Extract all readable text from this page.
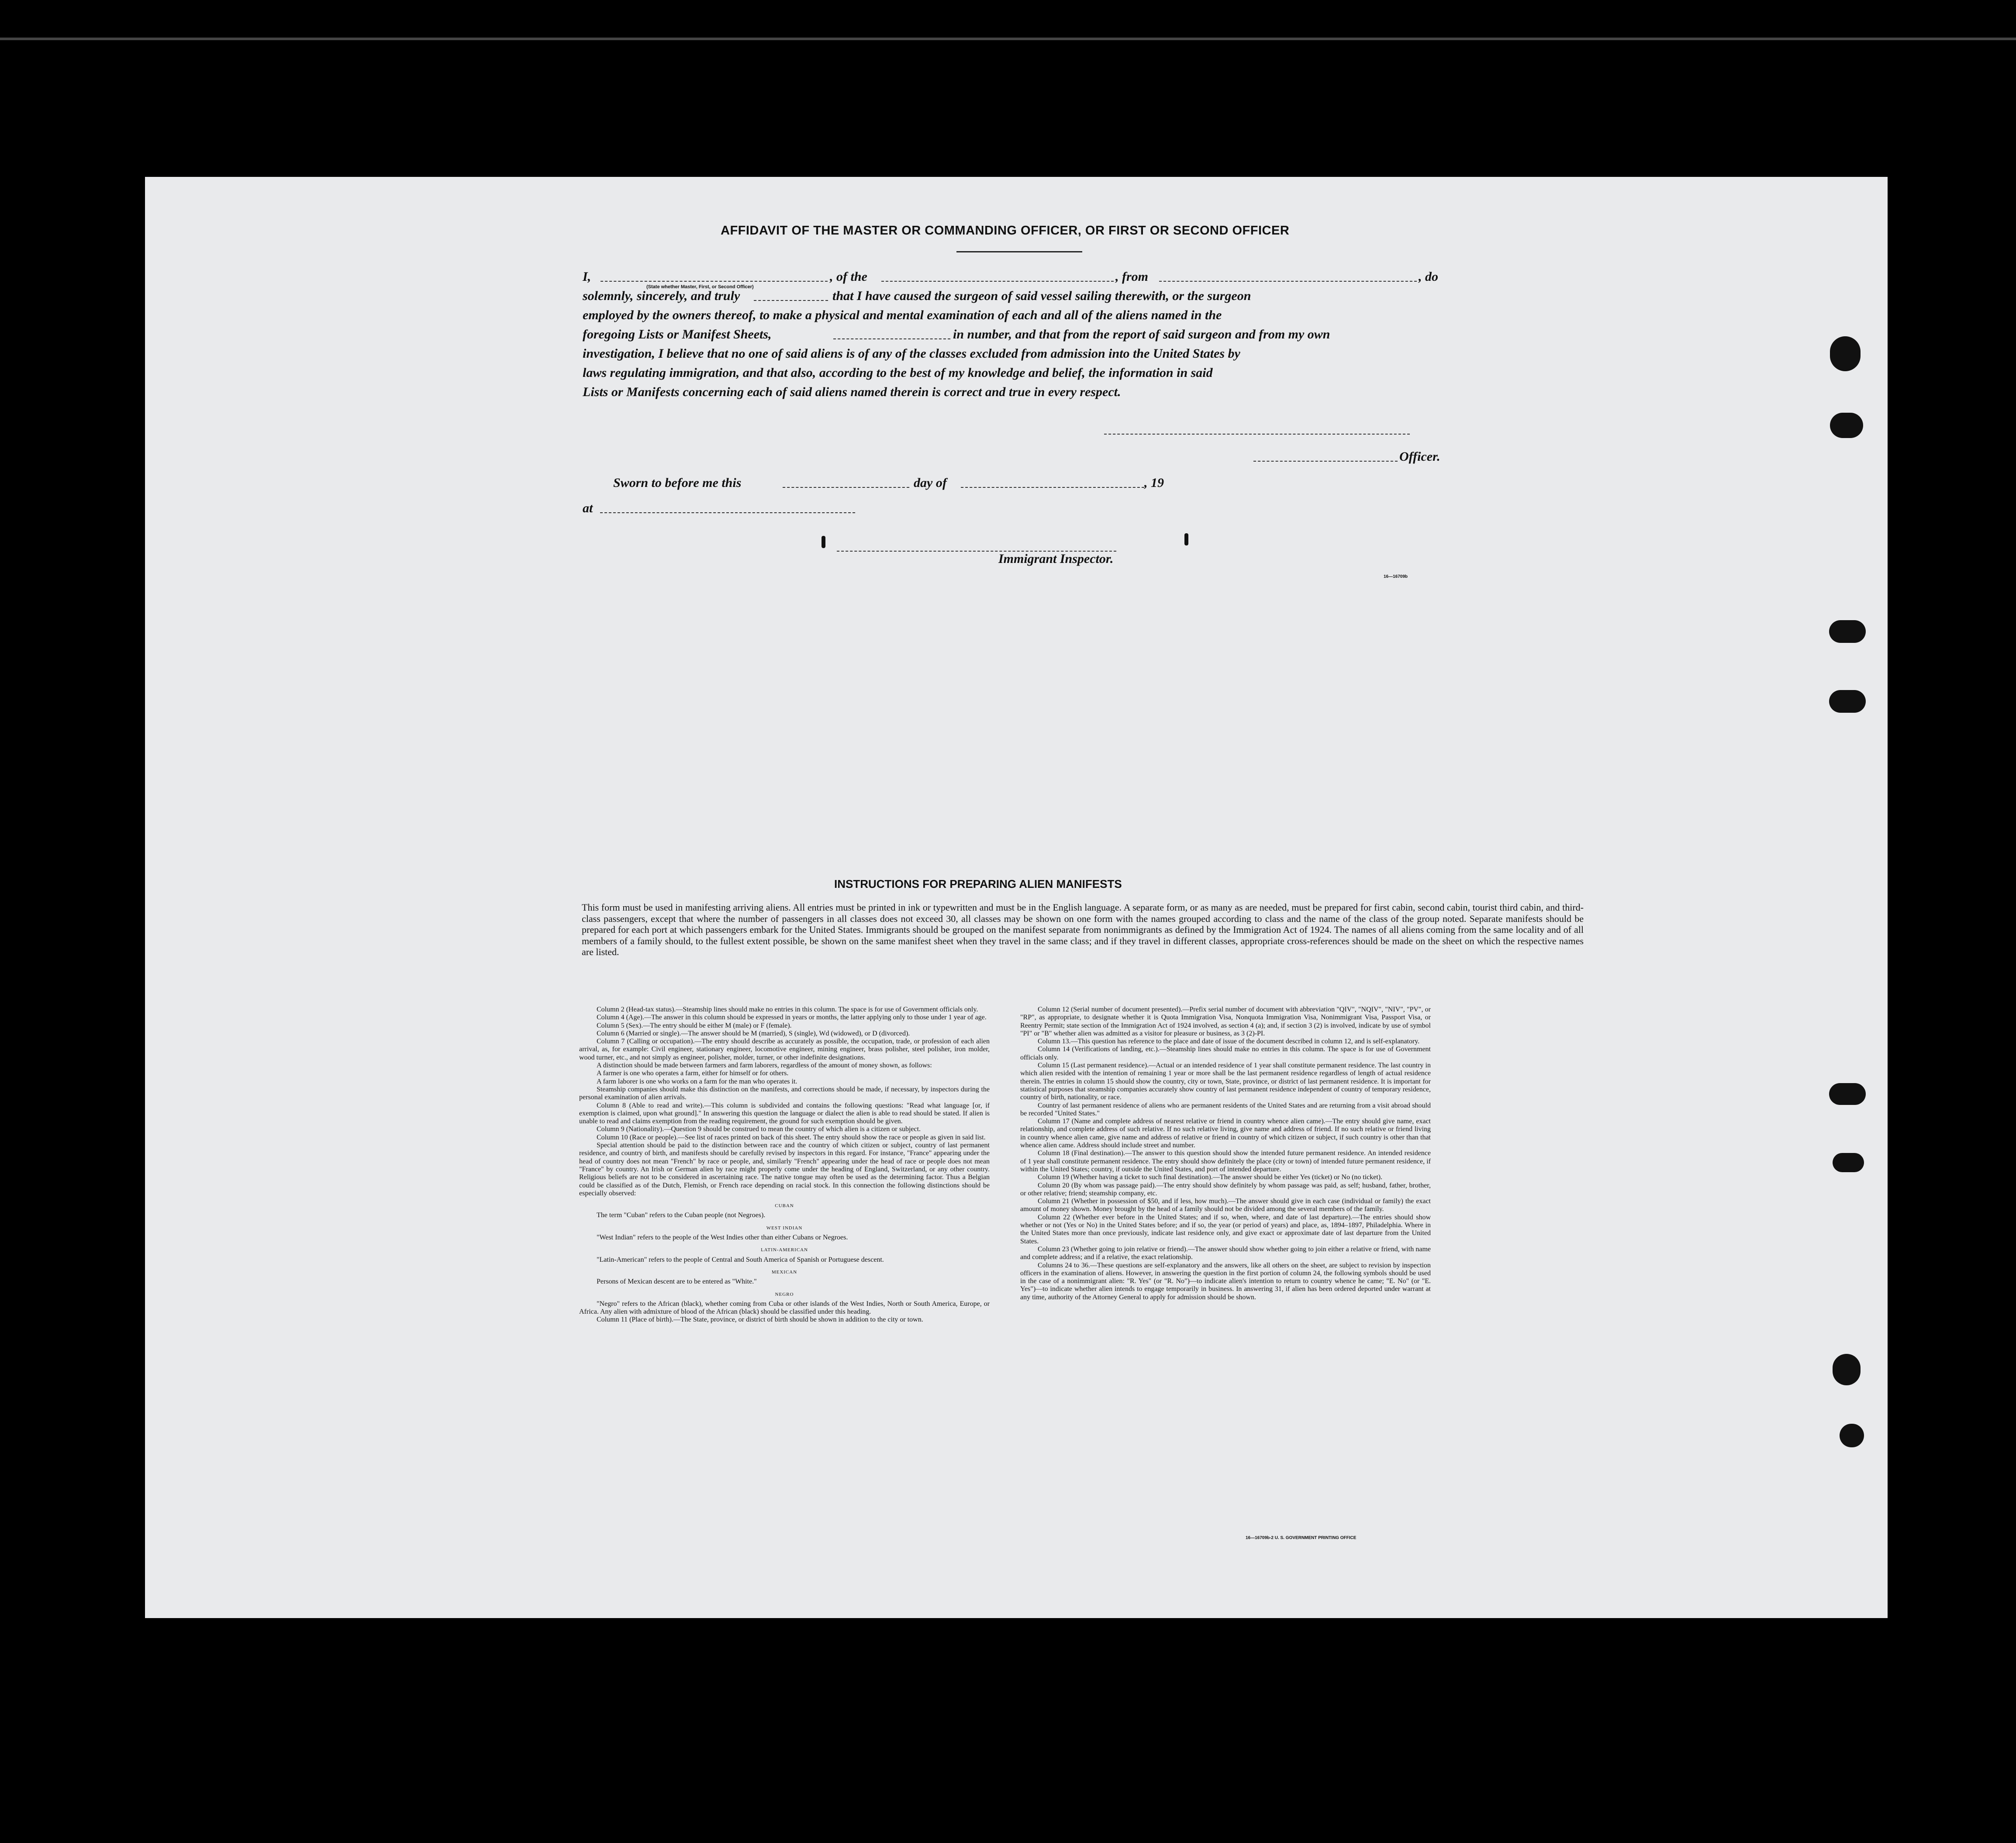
AFFIDAVIT OF THE MASTER OR COMMANDING OFFICER, OR FIRST OR SECOND OFFICER
I,
(State whether Master, First, or Second Officer)
, of the	, from	, do
solemnly, sincerely, and truly	that I have caused the surgeon of said vessel sailing therewith, or the surgeon
employed by the owners thereof, to make a physical and mental examination of each and all of the aliens named in the
foregoing Lists or Manifest Sheets,	in number, and that from the report of said surgeon and from my own
investigation, I believe that no one of said aliens is of any of the classes excluded from admission into the United States by
laws regulating immigration, and that also, according to the best of my knowledge and belief, the information in said
Lists or Manifests concerning each of said aliens named therein is correct and true in every respect.
Officer.
Sworn to before me this	day of	, 19
at
Immigrant Inspector.
16—16709b
INSTRUCTIONS FOR PREPARING ALIEN MANIFESTS
This form must be used in manifesting arriving aliens. All entries must be printed in ink or typewritten and must be in the English language. A separate form, or as many as are needed, must be prepared for first cabin, second cabin, tourist third cabin, and third-class passengers, except that where the number of passengers in all classes does not exceed 30, all classes may be shown on one form with the names grouped according to class and the name of the class of the group noted. Separate manifests should be prepared for each port at which passengers embark for the United States. Immigrants should be grouped on the manifest separate from nonimmigrants as defined by the Immigration Act of 1924. The names of all aliens coming from the same locality and of all members of a family should, to the fullest extent possible, be shown on the same manifest sheet when they travel in the same class; and if they travel in different classes, appropriate cross-references should be made on the sheet on which the respective names are listed.

Column 2 (Head-tax status).—Steamship lines should make no entries in this column. The space is for use of Government officials only.

Column 4 (Age).—The answer in this column should be expressed in years or months, the latter applying only to those under 1 year of age.

Column 5 (Sex).—The entry should be either M (male) or F (female).

Column 6 (Married or single).—The answer should be M (married), S (single), Wd (widowed), or D (divorced).

Column 7 (Calling or occupation).—The entry should describe as accurately as possible, the occupation, trade, or profession of each alien arrival, as, for example: Civil engineer, stationary engineer, locomotive engineer, mining engineer, brass polisher, steel polisher, iron molder, wood turner, etc., and not simply as engineer, polisher, molder, turner, or other indefinite designations.

A distinction should be made between farmers and farm laborers, regardless of the amount of money shown, as follows:

A farmer is one who operates a farm, either for himself or for others.

A farm laborer is one who works on a farm for the man who operates it.

Steamship companies should make this distinction on the manifests, and corrections should be made, if necessary, by inspectors during the personal examination of alien arrivals.

Column 8 (Able to read and write).—This column is subdivided and contains the following questions: "Read what language [or, if exemption is claimed, upon what ground]." In answering this question the language or dialect the alien is able to read should be stated. If alien is unable to read and claims exemption from the reading requirement, the ground for such exemption should be given.

Column 9 (Nationality).—Question 9 should be construed to mean the country of which alien is a citizen or subject.

Column 10 (Race or people).—See list of races printed on back of this sheet. The entry should show the race or people as given in said list.

Special attention should be paid to the distinction between race and the country of which citizen or subject, country of last permanent residence, and country of birth, and manifests should be carefully revised by inspectors in this regard. For instance, "France" appearing under the head of country does not mean "French" by race or people, and, similarly "French" appearing under the head of race or people does not mean "France" by country. An Irish or German alien by race might properly come under the heading of England, Switzerland, or any other country. Religious beliefs are not to be considered in ascertaining race. The native tongue may often be used as the determining factor. Thus a Belgian could be classified as of the Dutch, Flemish, or French race depending on racial stock. In this connection the following distinctions should be especially observed:

CUBAN

The term "Cuban" refers to the Cuban people (not Negroes).

WEST INDIAN

"West Indian" refers to the people of the West Indies other than either Cubans or Negroes.

LATIN-AMERICAN

"Latin-American" refers to the people of Central and South America of Spanish or Portuguese descent.

MEXICAN

Persons of Mexican descent are to be entered as "White."

NEGRO

"Negro" refers to the African (black), whether coming from Cuba or other islands of the West Indies, North or South America, Europe, or Africa. Any alien with admixture of blood of the African (black) should be classified under this heading.

Column 11 (Place of birth).—The State, province, or district of birth should be shown in addition to the city or town.

Column 12 (Serial number of document presented).—Prefix serial number of document with abbreviation "QIV", "NQIV", "NIV", "PV", or "RP", as appropriate, to designate whether it is Quota Immigration Visa, Nonquota Immigration Visa, Nonimmigrant Visa, Passport Visa, or Reentry Permit; state section of the Immigration Act of 1924 involved, as section 4 (a); and, if section 3 (2) is involved, indicate by use of symbol "PI" or "B" whether alien was admitted as a visitor for pleasure or business, as 3 (2)-PI.

Column 13.—This question has reference to the place and date of issue of the document described in column 12, and is self-explanatory.

Column 14 (Verifications of landing, etc.).—Steamship lines should make no entries in this column. The space is for use of Government officials only.

Column 15 (Last permanent residence).—Actual or an intended residence of 1 year shall constitute permanent residence. The last country in which alien resided with the intention of remaining 1 year or more shall be the last permanent residence regardless of length of actual residence therein. The entries in column 15 should show the country, city or town, State, province, or district of last permanent residence. It is important for statistical purposes that steamship companies accurately show country of last permanent residence independent of country of temporary residence, country of birth, nationality, or race.

Country of last permanent residence of aliens who are permanent residents of the United States and are returning from a visit abroad should be recorded "United States."

Column 17 (Name and complete address of nearest relative or friend in country whence alien came).—The entry should give name, exact relationship, and complete address of such relative. If no such relative living, give name and address of friend. If no such relative or friend living in country whence alien came, give name and address of relative or friend in country of which citizen or subject, if such country is other than that whence alien came. Address should include street and number.

Column 18 (Final destination).—The answer to this question should show the intended future permanent residence. An intended residence of 1 year shall constitute permanent residence. The entry should show definitely the place (city or town) of intended future permanent residence, if within the United States; country, if outside the United States, and port of intended departure.

Column 19 (Whether having a ticket to such final destination).—The answer should be either Yes (ticket) or No (no ticket).

Column 20 (By whom was passage paid).—The entry should show definitely by whom passage was paid, as self; husband, father, brother, or other relative; friend; steamship company, etc.

Column 21 (Whether in possession of $50, and if less, how much).—The answer should give in each case (individual or family) the exact amount of money shown. Money brought by the head of a family should not be divided among the several members of the family.

Column 22 (Whether ever before in the United States; and if so, when, where, and date of last departure).—The entries should show whether or not (Yes or No) in the United States before; and if so, the year (or period of years) and place, as, 1894–1897, Philadelphia. Where in the United States more than once previously, indicate last residence only, and give exact or approximate date of last departure from the United States.

Column 23 (Whether going to join relative or friend).—The answer should show whether going to join either a relative or friend, with name and complete address; and if a relative, the exact relationship.

Columns 24 to 36.—These questions are self-explanatory and the answers, like all others on the sheet, are subject to revision by inspection officers in the examination of aliens. However, in answering the question in the first portion of column 24, the following symbols should be used in the case of a nonimmigrant alien: "R. Yes" (or "R. No")—to indicate alien's intention to return to country whence he came; "E. No" (or "E. Yes")—to indicate whether alien intends to engage temporarily in business. In answering 31, if alien has been ordered deported under warrant at any time, authority of the Attorney General to apply for admission should be shown.

16—16709b-2 U. S. GOVERNMENT PRINTING OFFICE
